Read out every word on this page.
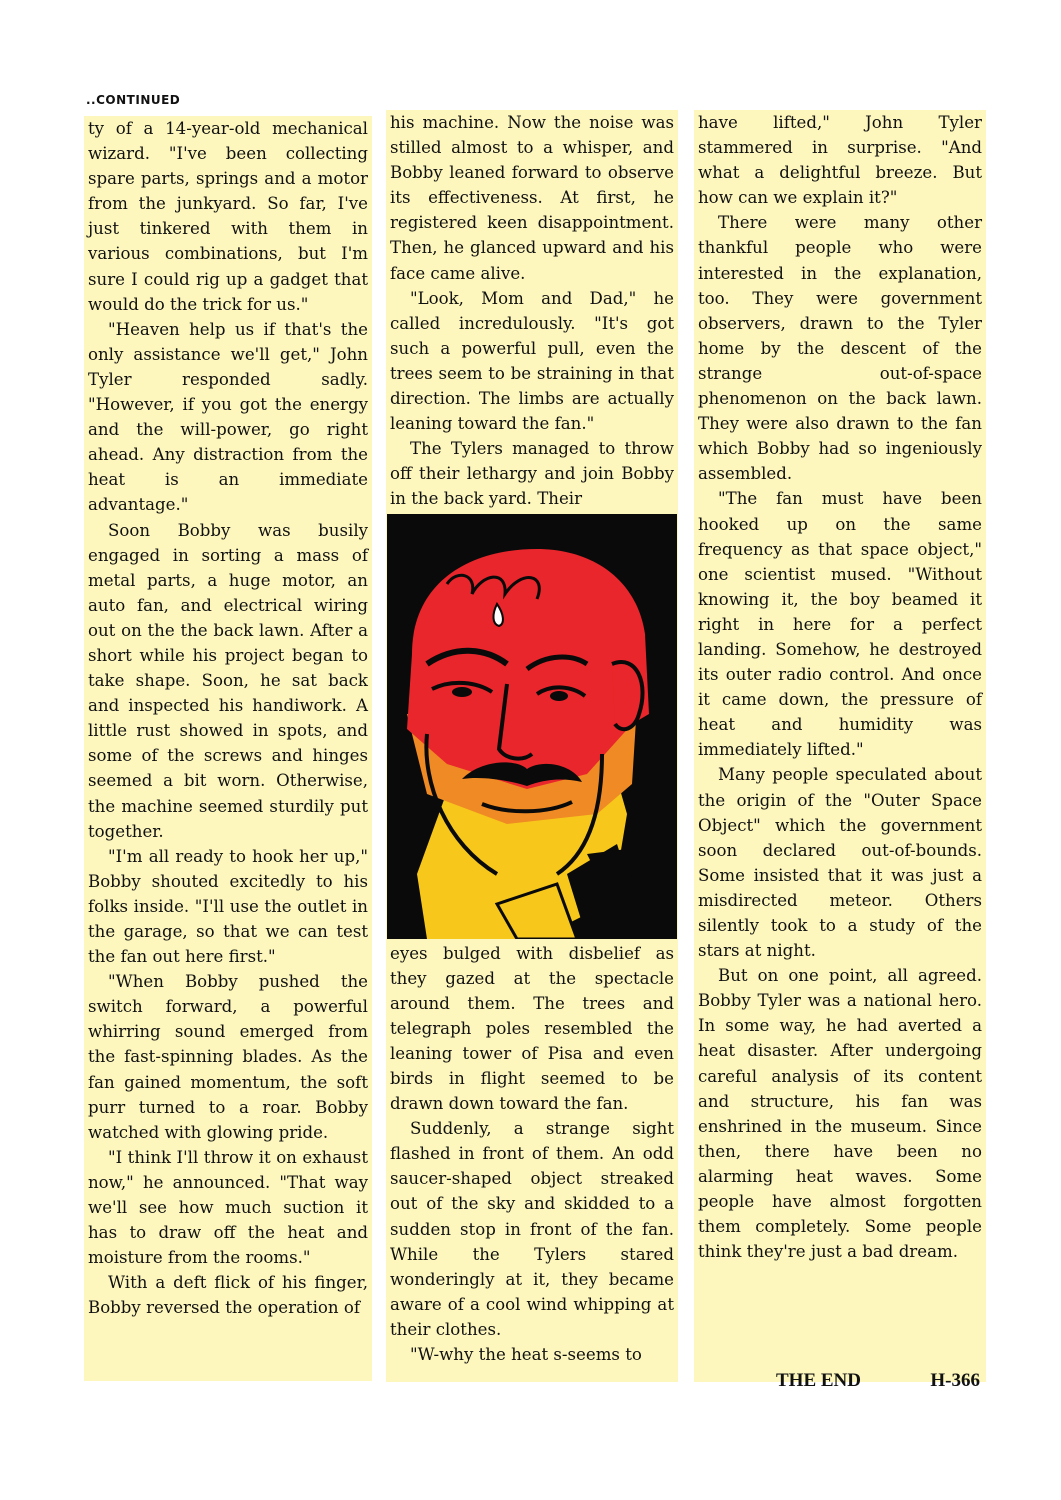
..CONTINUED

ty of a 14-year-old mechanical wizard. "I've been collecting spare parts, springs and a motor from the junkyard. So far, I've just tinkered with them in various combinations, but I'm sure I could rig up a gadget that would do the trick for us."

"Heaven help us if that's the only assistance we'll get," John Tyler responded sadly. "However, if you got the energy and the will-power, go right ahead. Any distraction from the heat is an immediate advantage."

Soon Bobby was busily engaged in sorting a mass of metal parts, a huge motor, an auto fan, and electrical wiring out on the the back lawn. After a short while his project began to take shape. Soon, he sat back and inspected his handiwork. A little rust showed in spots, and some of the screws and hinges seemed a bit worn. Otherwise, the machine seemed sturdily put together.

"I'm all ready to hook her up," Bobby shouted excitedly to his folks inside. "I'll use the outlet in the garage, so that we can test the fan out here first."

"When Bobby pushed the switch forward, a powerful whirring sound emerged from the fast-spinning blades. As the fan gained momentum, the soft purr turned to a roar. Bobby watched with glowing pride.

"I think I'll throw it on exhaust now," he announced. "That way we'll see how much suction it has to draw off the heat and moisture from the rooms."

With a deft flick of his finger, Bobby reversed the operation of

his machine. Now the noise was stilled almost to a whisper, and Bobby leaned forward to observe its effectiveness. At first, he registered keen disappointment. Then, he glanced upward and his face came alive.

"Look, Mom and Dad," he called incredulously. "It's got such a powerful pull, even the trees seem to be straining in that direction. The limbs are actually leaning toward the fan."

The Tylers managed to throw off their lethargy and join Bobby in the back yard. Their

eyes bulged with disbelief as they gazed at the spectacle around them. The trees and telegraph poles resembled the leaning tower of Pisa and even birds in flight seemed to be drawn down toward the fan.

Suddenly, a strange sight flashed in front of them. An odd saucer-shaped object streaked out of the sky and skidded to a sudden stop in front of the fan. While the Tylers stared wonderingly at it, they became aware of a cool wind whipping at their clothes.

"W-why the heat s-seems to

have lifted," John Tyler stammered in surprise. "And what a delightful breeze. But how can we explain it?"

There were many other thankful people who were interested in the explanation, too. They were government observers, drawn to the Tyler home by the descent of the strange out-of-space phenomenon on the back lawn. They were also drawn to the fan which Bobby had so ingeniously assembled.

"The fan must have been hooked up on the same frequency as that space object," one scientist mused. "Without knowing it, the boy beamed it right in here for a perfect landing. Somehow, he destroyed its outer radio control. And once it came down, the pressure of heat and humidity was immediately lifted."

Many people speculated about the origin of the "Outer Space Object" which the government soon declared out-of-bounds. Some insisted that it was just a misdirected meteor. Others silently took to a study of the stars at night.

But on one point, all agreed. Bobby Tyler was a national hero. In some way, he had averted a heat disaster. After undergoing careful analysis of its content and structure, his fan was enshrined in the museum. Since then, there have been no alarming heat waves. Some people have almost forgotten them completely. Some people think they're just a bad dream.

THE END	H-366
